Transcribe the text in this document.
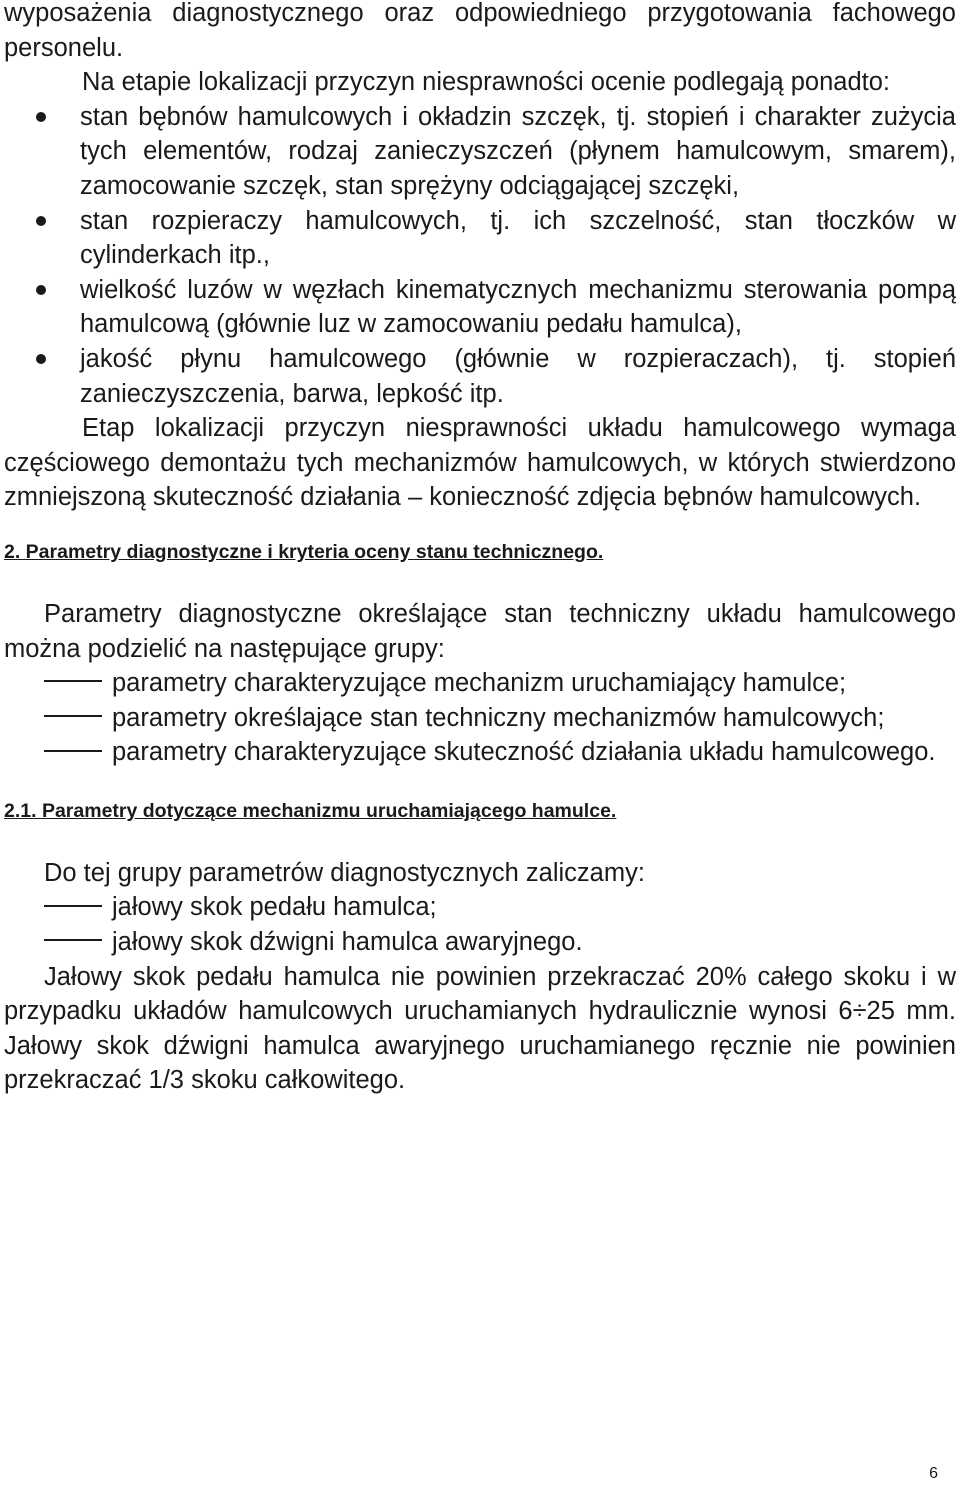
wyposażenia diagnostycznego oraz odpowiedniego przygotowania fachowego personelu.

Na etapie lokalizacji przyczyn niesprawności ocenie podlegają ponadto:

stan bębnów hamulcowych i okładzin szczęk, tj. stopień i charakter zużycia tych elementów, rodzaj zanieczyszczeń (płynem hamulcowym, smarem), zamocowanie szczęk, stan sprężyny odciągającej szczęki,
stan rozpieraczy hamulcowych, tj. ich szczelność, stan tłoczków w cylinderkach itp.,
wielkość luzów w węzłach kinematycznych mechanizmu sterowania pompą hamulcową (głównie luz w zamocowaniu pedału hamulca),
jakość płynu hamulcowego (głównie w rozpieraczach), tj. stopień zanieczyszczenia, barwa, lepkość itp.

Etap lokalizacji przyczyn niesprawności układu hamulcowego wymaga częściowego demontażu tych mechanizmów hamulcowych, w których stwierdzono zmniejszoną skuteczność działania – konieczność zdjęcia bębnów hamulcowych.

2. Parametry diagnostyczne i kryteria oceny stanu technicznego.

Parametry diagnostyczne określające stan techniczny układu hamulcowego można podzielić na następujące grupy:

parametry charakteryzujące mechanizm uruchamiający hamulce;

parametry określające stan techniczny mechanizmów hamulcowych;

parametry charakteryzujące skuteczność działania układu hamulcowego.

2.1. Parametry dotyczące mechanizmu uruchamiającego hamulce.

Do tej grupy parametrów diagnostycznych zaliczamy:

jałowy skok pedału hamulca;

jałowy skok dźwigni hamulca awaryjnego.

Jałowy skok pedału hamulca nie powinien przekraczać 20% całego skoku i w przypadku układów hamulcowych uruchamianych hydraulicznie wynosi 6÷25 mm. Jałowy skok dźwigni hamulca awaryjnego uruchamianego ręcznie nie powinien przekraczać 1/3 skoku całkowitego.

6
